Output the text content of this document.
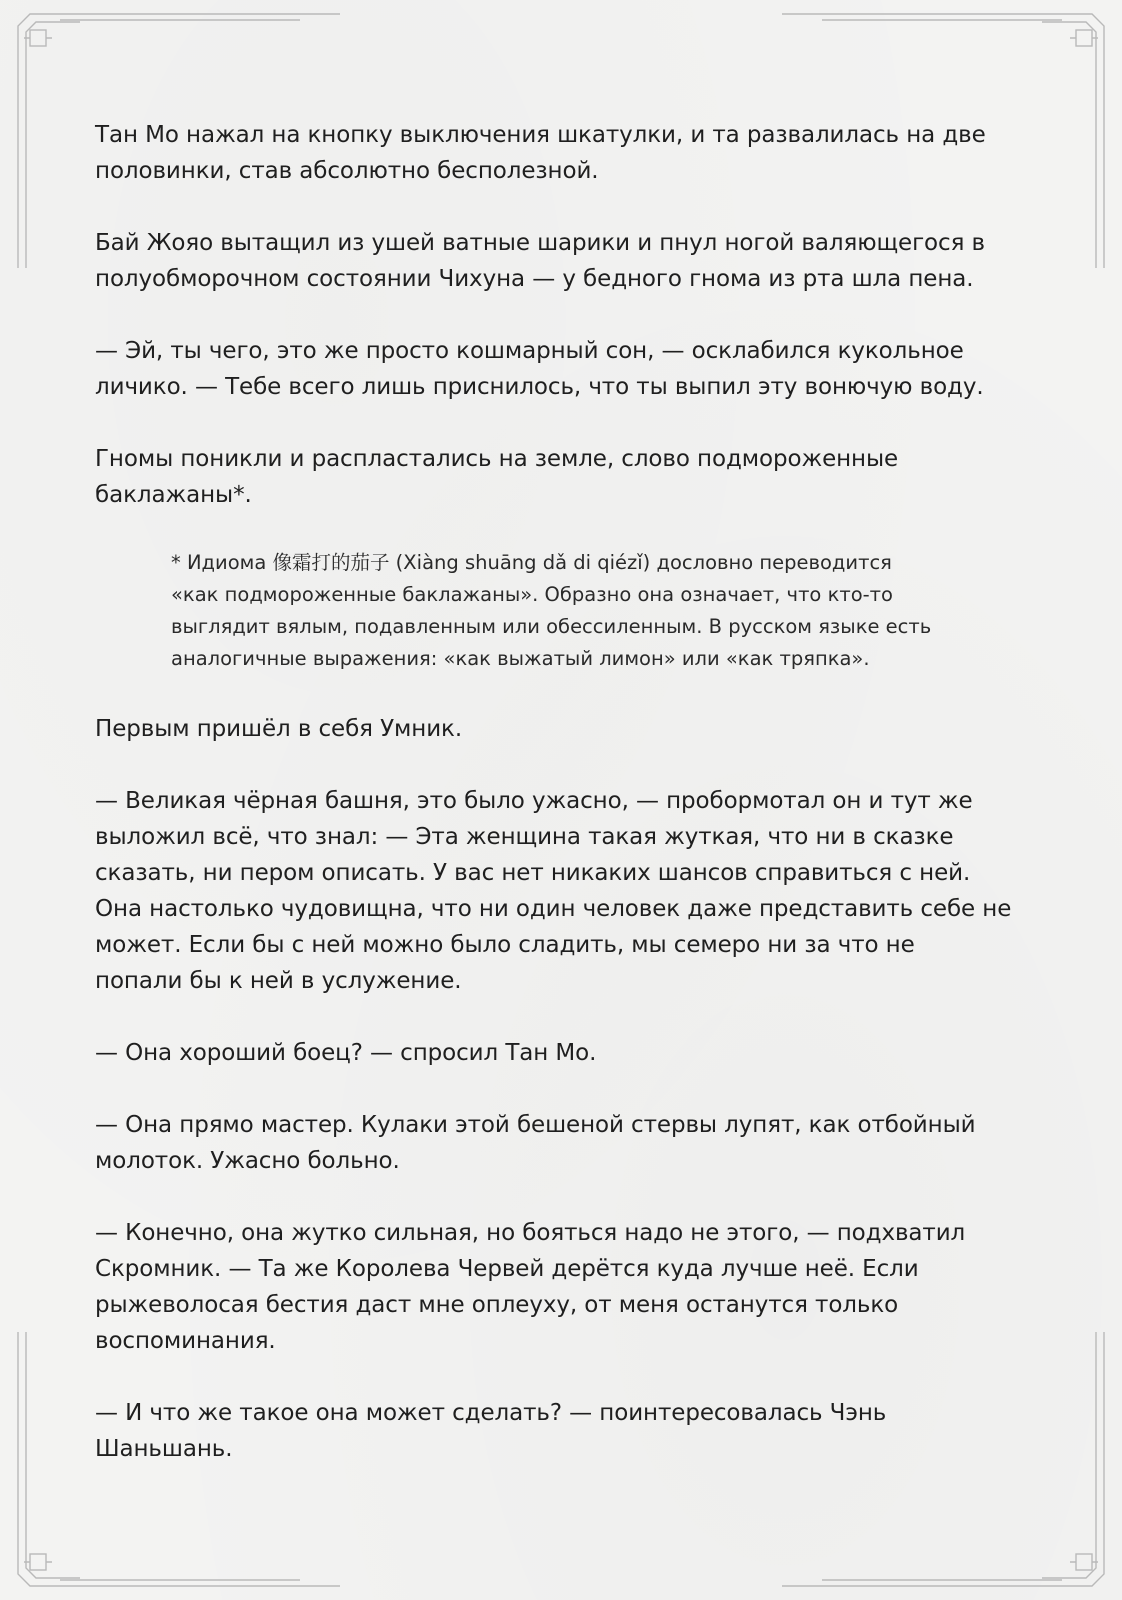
Тан Мо нажал на кнопку выключения шкатулки, и та развалилась на две
половинки, став абсолютно бесполезной.

Бай Жояо вытащил из ушей ватные шарики и пнул ногой валяющегося в
полуобморочном состоянии Чихуна — у бедного гнома из рта шла пена.

— Эй, ты чего, это же просто кошмарный сон, — осклабился кукольное
личико. — Тебе всего лишь приснилось, что ты выпил эту вонючую воду.

Гномы поникли и распластались на земле, слово подмороженные
баклажаны*.

* Идиома 像霜打的茄子 (Xiàng shuāng dǎ di qiézǐ) дословно переводится
«как подмороженные баклажаны». Образно она означает, что кто-то
выглядит вялым, подавленным или обессиленным. В русском языке есть
аналогичные выражения: «как выжатый лимон» или «как тряпка».

Первым пришёл в себя Умник.

— Великая чёрная башня, это было ужасно, — пробормотал он и тут же
выложил всё, что знал: — Эта женщина такая жуткая, что ни в сказке
сказать, ни пером описать. У вас нет никаких шансов справиться с ней.
Она настолько чудовищна, что ни один человек даже представить себе не
может. Если бы с ней можно было сладить, мы семеро ни за что не
попали бы к ней в услужение.

— Она хороший боец? — спросил Тан Мо.

— Она прямо мастер. Кулаки этой бешеной стервы лупят, как отбойный
молоток. Ужасно больно.

— Конечно, она жутко сильная, но бояться надо не этого, — подхватил
Скромник. — Та же Королева Червей дерётся куда лучше неё. Если
рыжеволосая бестия даст мне оплеуху, от меня останутся только
воспоминания.

— И что же такое она может сделать? — поинтересовалась Чэнь
Шаньшань.
